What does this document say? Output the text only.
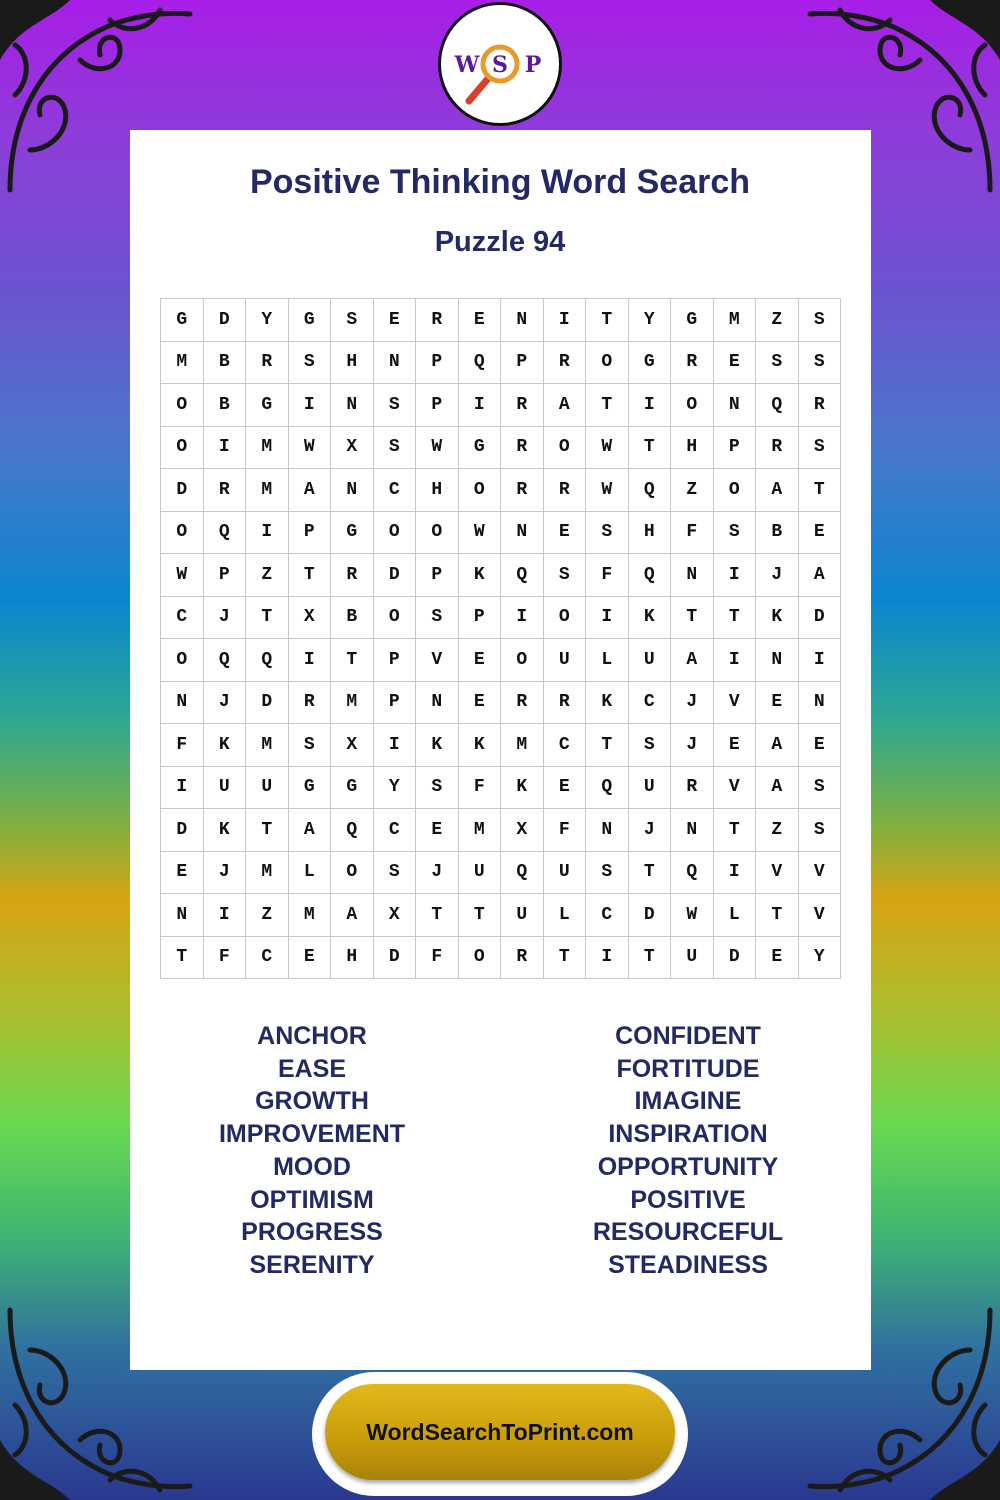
W S P
Positive Thinking Word Search
Puzzle 94
G	D	Y	G	S	E	R	E	N	I	T	Y	G	M	Z	S
M	B	R	S	H	N	P	Q	P	R	O	G	R	E	S	S
O	B	G	I	N	S	P	I	R	A	T	I	O	N	Q	R
O	I	M	W	X	S	W	G	R	O	W	T	H	P	R	S
D	R	M	A	N	C	H	O	R	R	W	Q	Z	O	A	T
O	Q	I	P	G	O	O	W	N	E	S	H	F	S	B	E
W	P	Z	T	R	D	P	K	Q	S	F	Q	N	I	J	A
C	J	T	X	B	O	S	P	I	O	I	K	T	T	K	D
O	Q	Q	I	T	P	V	E	O	U	L	U	A	I	N	I
N	J	D	R	M	P	N	E	R	R	K	C	J	V	E	N
F	K	M	S	X	I	K	K	M	C	T	S	J	E	A	E
I	U	U	G	G	Y	S	F	K	E	Q	U	R	V	A	S
D	K	T	A	Q	C	E	M	X	F	N	J	N	T	Z	S
E	J	M	L	O	S	J	U	Q	U	S	T	Q	I	V	V
N	I	Z	M	A	X	T	T	U	L	C	D	W	L	T	V
T	F	C	E	H	D	F	O	R	T	I	T	U	D	E	Y
ANCHOR
EASE
GROWTH
IMPROVEMENT
MOOD
OPTIMISM
PROGRESS
SERENITY
CONFIDENT
FORTITUDE
IMAGINE
INSPIRATION
OPPORTUNITY
POSITIVE
RESOURCEFUL
STEADINESS
WordSearchToPrint.com
